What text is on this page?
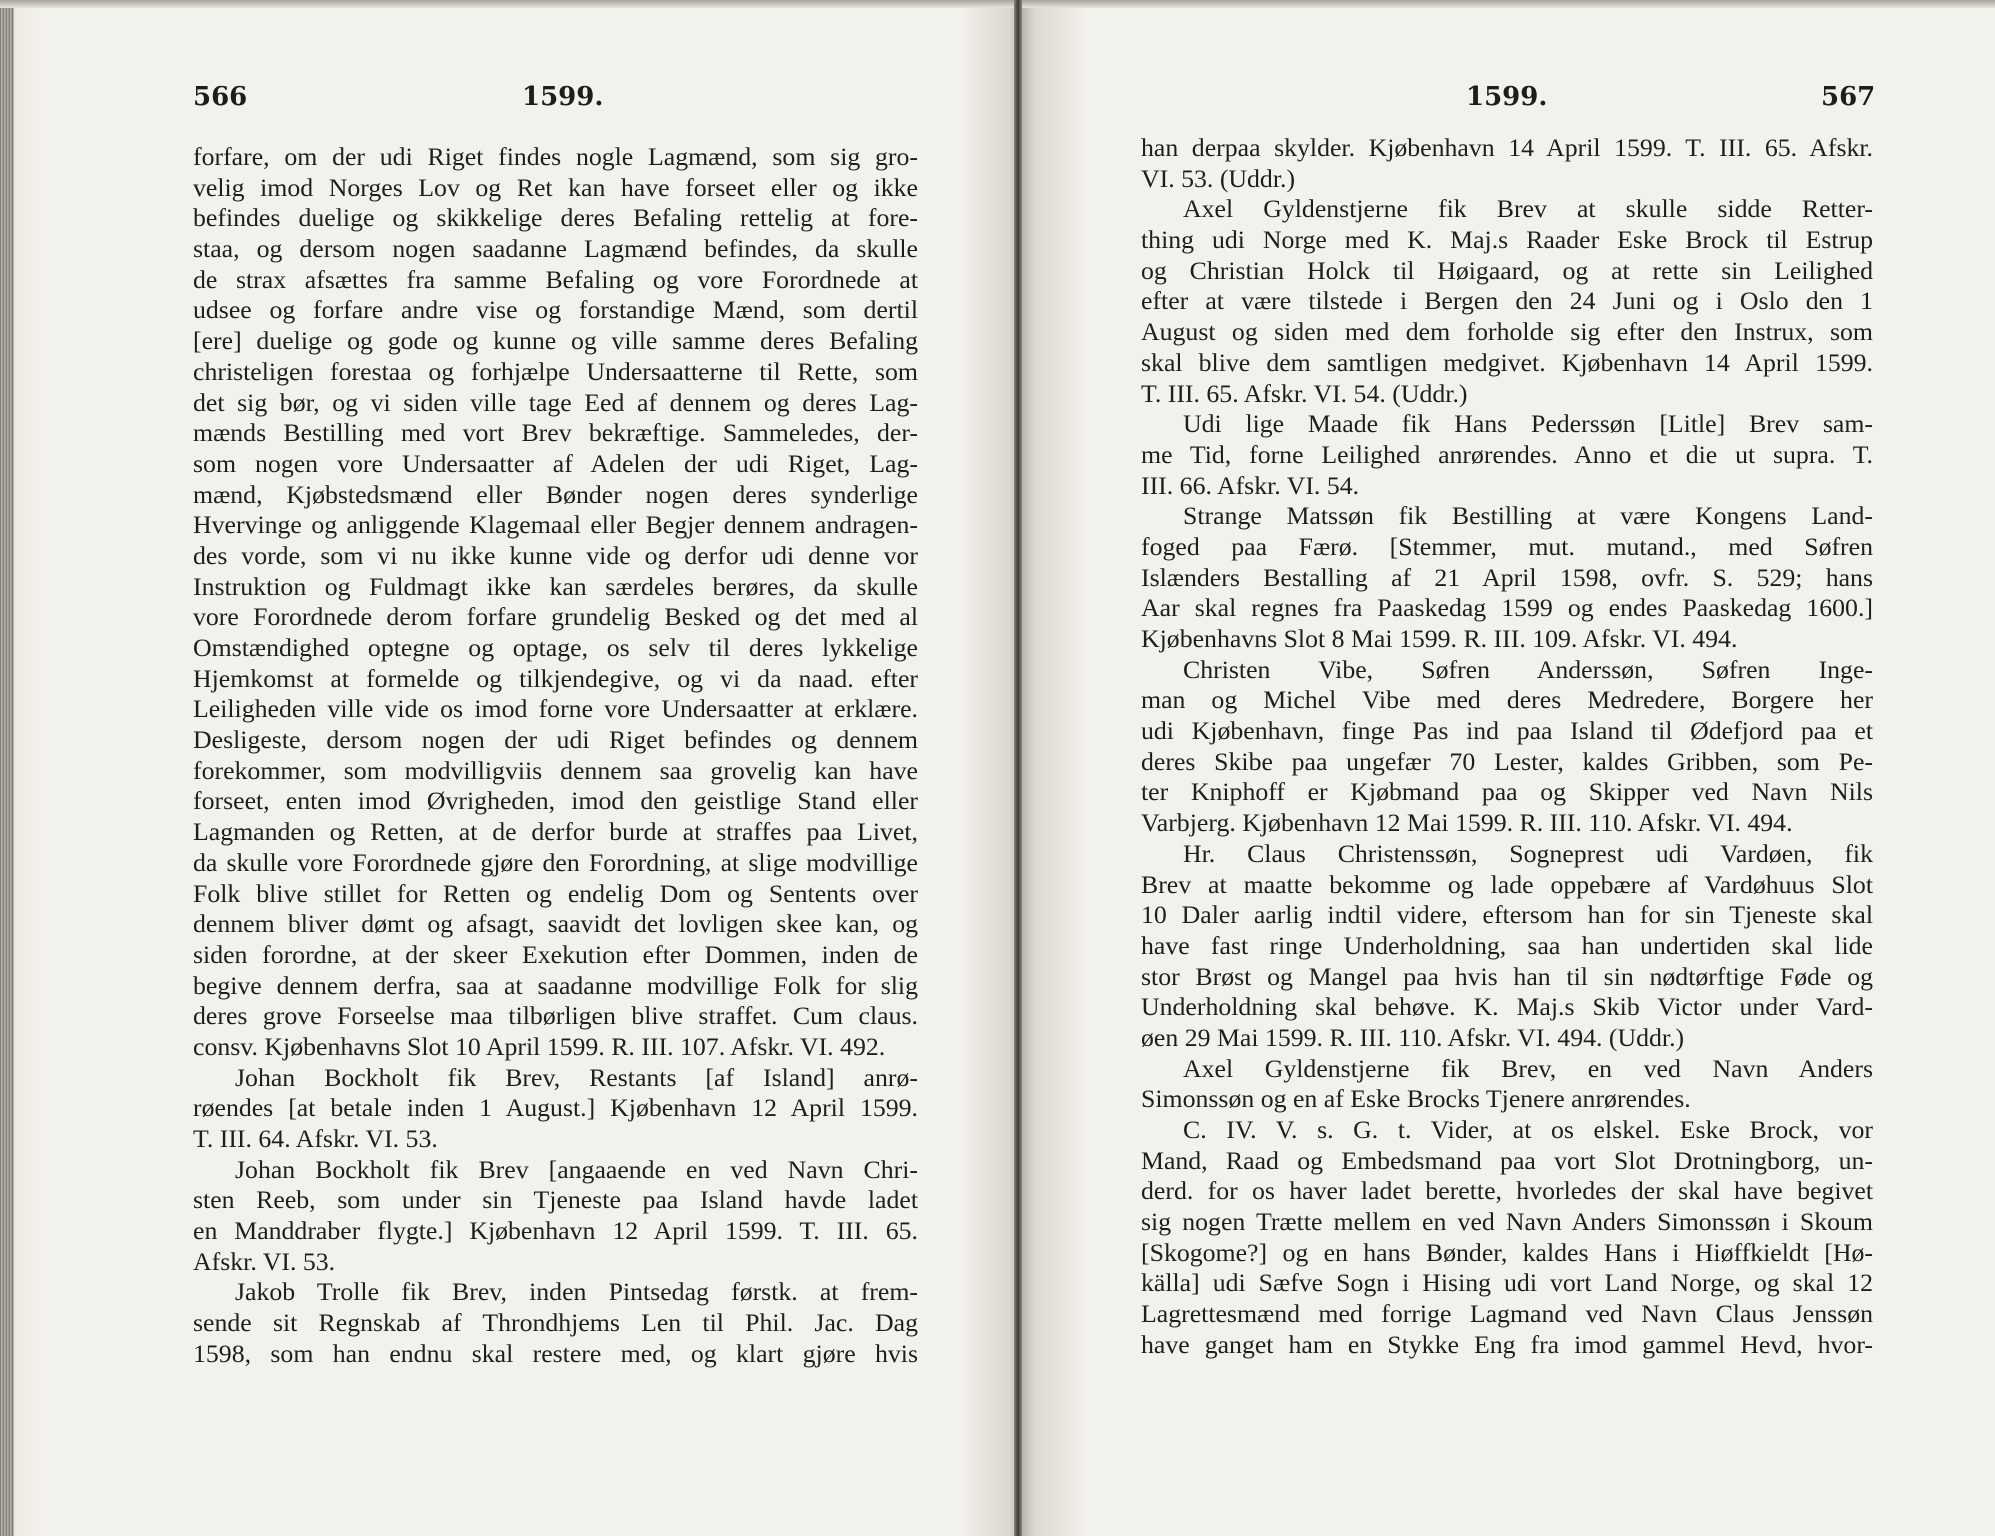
566	1599.
forfare, om der udi Riget findes nogle Lagmænd, som sig gro-
velig imod Norges Lov og Ret kan have forseet eller og ikke
befindes duelige og skikkelige deres Befaling rettelig at fore-
staa, og dersom nogen saadanne Lagmænd befindes, da skulle
de strax afsættes fra samme Befaling og vore Forordnede at
udsee og forfare andre vise og forstandige Mænd, som dertil
[ere] duelige og gode og kunne og ville samme deres Befaling
christeligen forestaa og forhjælpe Undersaatterne til Rette, som
det sig bør, og vi siden ville tage Eed af dennem og deres Lag-
mænds Bestilling med vort Brev bekræftige. Sammeledes, der-
som nogen vore Undersaatter af Adelen der udi Riget, Lag-
mænd, Kjøbstedsmænd eller Bønder nogen deres synderlige
Hvervinge og anliggende Klagemaal eller Begjer dennem andragen-
des vorde, som vi nu ikke kunne vide og derfor udi denne vor
Instruktion og Fuldmagt ikke kan særdeles berøres, da skulle
vore Forordnede derom forfare grundelig Besked og det med al
Omstændighed optegne og optage, os selv til deres lykkelige
Hjemkomst at formelde og tilkjendegive, og vi da naad. efter
Leiligheden ville vide os imod forne vore Undersaatter at erklære.
Desligeste, dersom nogen der udi Riget befindes og dennem
forekommer, som modvilligviis dennem saa grovelig kan have
forseet, enten imod Øvrigheden, imod den geistlige Stand eller
Lagmanden og Retten, at de derfor burde at straffes paa Livet,
da skulle vore Forordnede gjøre den Forordning, at slige modvillige
Folk blive stillet for Retten og endelig Dom og Sentents over
dennem bliver dømt og afsagt, saavidt det lovligen skee kan, og
siden forordne, at der skeer Exekution efter Dommen, inden de
begive dennem derfra, saa at saadanne modvillige Folk for slig
deres grove Forseelse maa tilbørligen blive straffet. Cum claus.
consv. Kjøbenhavns Slot 10 April 1599. R. III. 107. Afskr. VI. 492.
Johan Bockholt fik Brev, Restants [af Island] anrø-
røendes [at betale inden 1 August.] Kjøbenhavn 12 April 1599.
T. III. 64. Afskr. VI. 53.
Johan Bockholt fik Brev [angaaende en ved Navn Chri-
sten Reeb, som under sin Tjeneste paa Island havde ladet
en Manddraber flygte.] Kjøbenhavn 12 April 1599. T. III. 65.
Afskr. VI. 53.
Jakob Trolle fik Brev, inden Pintsedag førstk. at frem-
sende sit Regnskab af Throndhjems Len til Phil. Jac. Dag
1598, som han endnu skal restere med, og klart gjøre hvis
1599.	567
han derpaa skylder. Kjøbenhavn 14 April 1599. T. III. 65. Afskr.
VI. 53. (Uddr.)
Axel Gyldenstjerne fik Brev at skulle sidde Retter-
thing udi Norge med K. Maj.s Raader Eske Brock til Estrup
og Christian Holck til Høigaard, og at rette sin Leilighed
efter at være tilstede i Bergen den 24 Juni og i Oslo den 1
August og siden med dem forholde sig efter den Instrux, som
skal blive dem samtligen medgivet. Kjøbenhavn 14 April 1599.
T. III. 65. Afskr. VI. 54. (Uddr.)
Udi lige Maade fik Hans Pederssøn [Litle] Brev sam-
me Tid, forne Leilighed anrørendes. Anno et die ut supra. T.
III. 66. Afskr. VI. 54.
Strange Matssøn fik Bestilling at være Kongens Land-
foged paa Færø. [Stemmer, mut. mutand., med Søfren
Islænders Bestalling af 21 April 1598, ovfr. S. 529; hans
Aar skal regnes fra Paaskedag 1599 og endes Paaskedag 1600.]
Kjøbenhavns Slot 8 Mai 1599. R. III. 109. Afskr. VI. 494.
Christen Vibe, Søfren Anderssøn, Søfren Inge-
man og Michel Vibe med deres Medredere, Borgere her
udi Kjøbenhavn, finge Pas ind paa Island til Ødefjord paa et
deres Skibe paa ungefær 70 Lester, kaldes Gribben, som Pe-
ter Kniphoff er Kjøbmand paa og Skipper ved Navn Nils
Varbjerg. Kjøbenhavn 12 Mai 1599. R. III. 110. Afskr. VI. 494.
Hr. Claus Christenssøn, Sogneprest udi Vardøen, fik
Brev at maatte bekomme og lade oppebære af Vardøhuus Slot
10 Daler aarlig indtil videre, eftersom han for sin Tjeneste skal
have fast ringe Underholdning, saa han undertiden skal lide
stor Brøst og Mangel paa hvis han til sin nødtørftige Føde og
Underholdning skal behøve. K. Maj.s Skib Victor under Vard-
øen 29 Mai 1599. R. III. 110. Afskr. VI. 494. (Uddr.)
Axel Gyldenstjerne fik Brev, en ved Navn Anders
Simonssøn og en af Eske Brocks Tjenere anrørendes.
C. IV. V. s. G. t. Vider, at os elskel. Eske Brock, vor
Mand, Raad og Embedsmand paa vort Slot Drotningborg, un-
derd. for os haver ladet berette, hvorledes der skal have begivet
sig nogen Trætte mellem en ved Navn Anders Simonssøn i Skoum
[Skogome?] og en hans Bønder, kaldes Hans i Hiøffkieldt [Hø-
källa] udi Sæfve Sogn i Hising udi vort Land Norge, og skal 12
Lagrettesmænd med forrige Lagmand ved Navn Claus Jenssøn
have ganget ham en Stykke Eng fra imod gammel Hevd, hvor-
